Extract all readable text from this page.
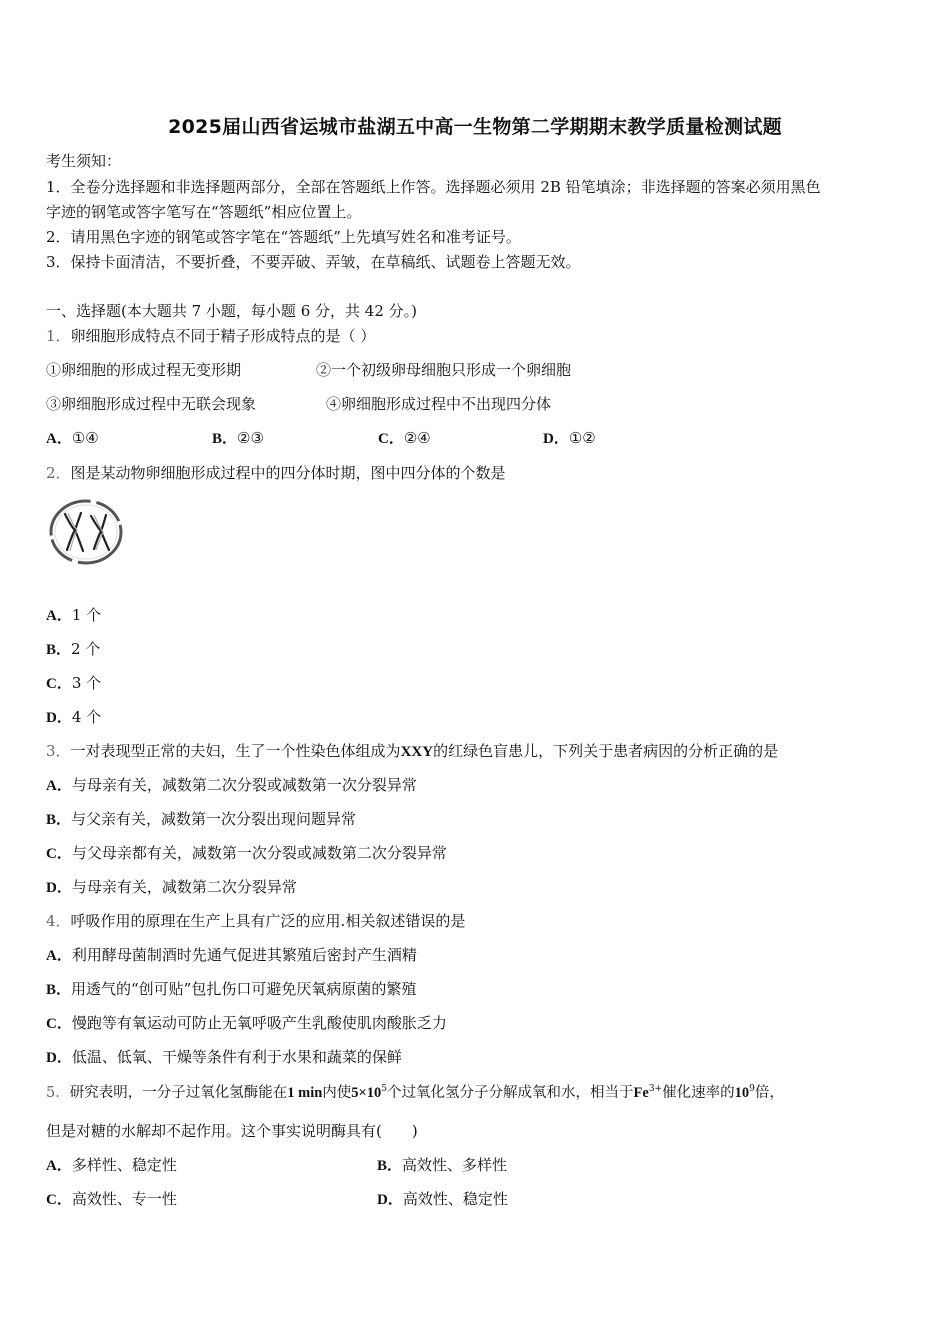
2025届山西省运城市盐湖五中高一生物第二学期期末教学质量检测试题
考生须知：
1．全卷分选择题和非选择题两部分，全部在答题纸上作答。选择题必须用 2B 铅笔填涂；非选择题的答案必须用黑色
字迹的钢笔或答字笔写在“答题纸”相应位置上。
2．请用黑色字迹的钢笔或答字笔在“答题纸”上先填写姓名和准考证号。
3．保持卡面清洁，不要折叠，不要弄破、弄皱，在草稿纸、试题卷上答题无效。
一、选择题(本大题共 7 小题，每小题 6 分，共 42 分。)
1．卵细胞形成特点不同于精子形成特点的是（ ）
①卵细胞的形成过程无变形期	②一个初级卵母细胞只形成一个卵细胞
③卵细胞形成过程中无联会现象	④卵细胞形成过程中不出现四分体
A．①④	B．②③	C．②④	D．①②
2．图是某动物卵细胞形成过程中的四分体时期，图中四分体的个数是
A．1 个
B．2 个
C．3 个
D．4 个
3．一对表现型正常的夫妇，生了一个性染色体组成为XXY的红绿色盲患儿，下列关于患者病因的分析正确的是
A．与母亲有关，减数第二次分裂或减数第一次分裂异常
B．与父亲有关，减数第一次分裂出现问题异常
C．与父母亲都有关，减数第一次分裂或减数第二次分裂异常
D．与母亲有关，减数第二次分裂异常
4．呼吸作用的原理在生产上具有广泛的应用.相关叙述错误的是
A．利用酵母菌制酒时先通气促进其繁殖后密封产生酒精
B．用透气的“创可贴”包扎伤口可避免厌氧病原菌的繁殖
C．慢跑等有氧运动可防止无氧呼吸产生乳酸使肌肉酸胀乏力
D．低温、低氧、干燥等条件有利于水果和蔬菜的保鲜
5．研究表明，一分子过氧化氢酶能在1 min内使$5\times 10^5$个过氧化氢分子分解成氧和水，相当于$Fe^{3+}$催化速率的$10^9$倍，
但是对糖的水解却不起作用。这个事实说明酶具有(　　)
A．多样性、稳定性	B．高效性、多样性
C．高效性、专一性	D．高效性、稳定性
